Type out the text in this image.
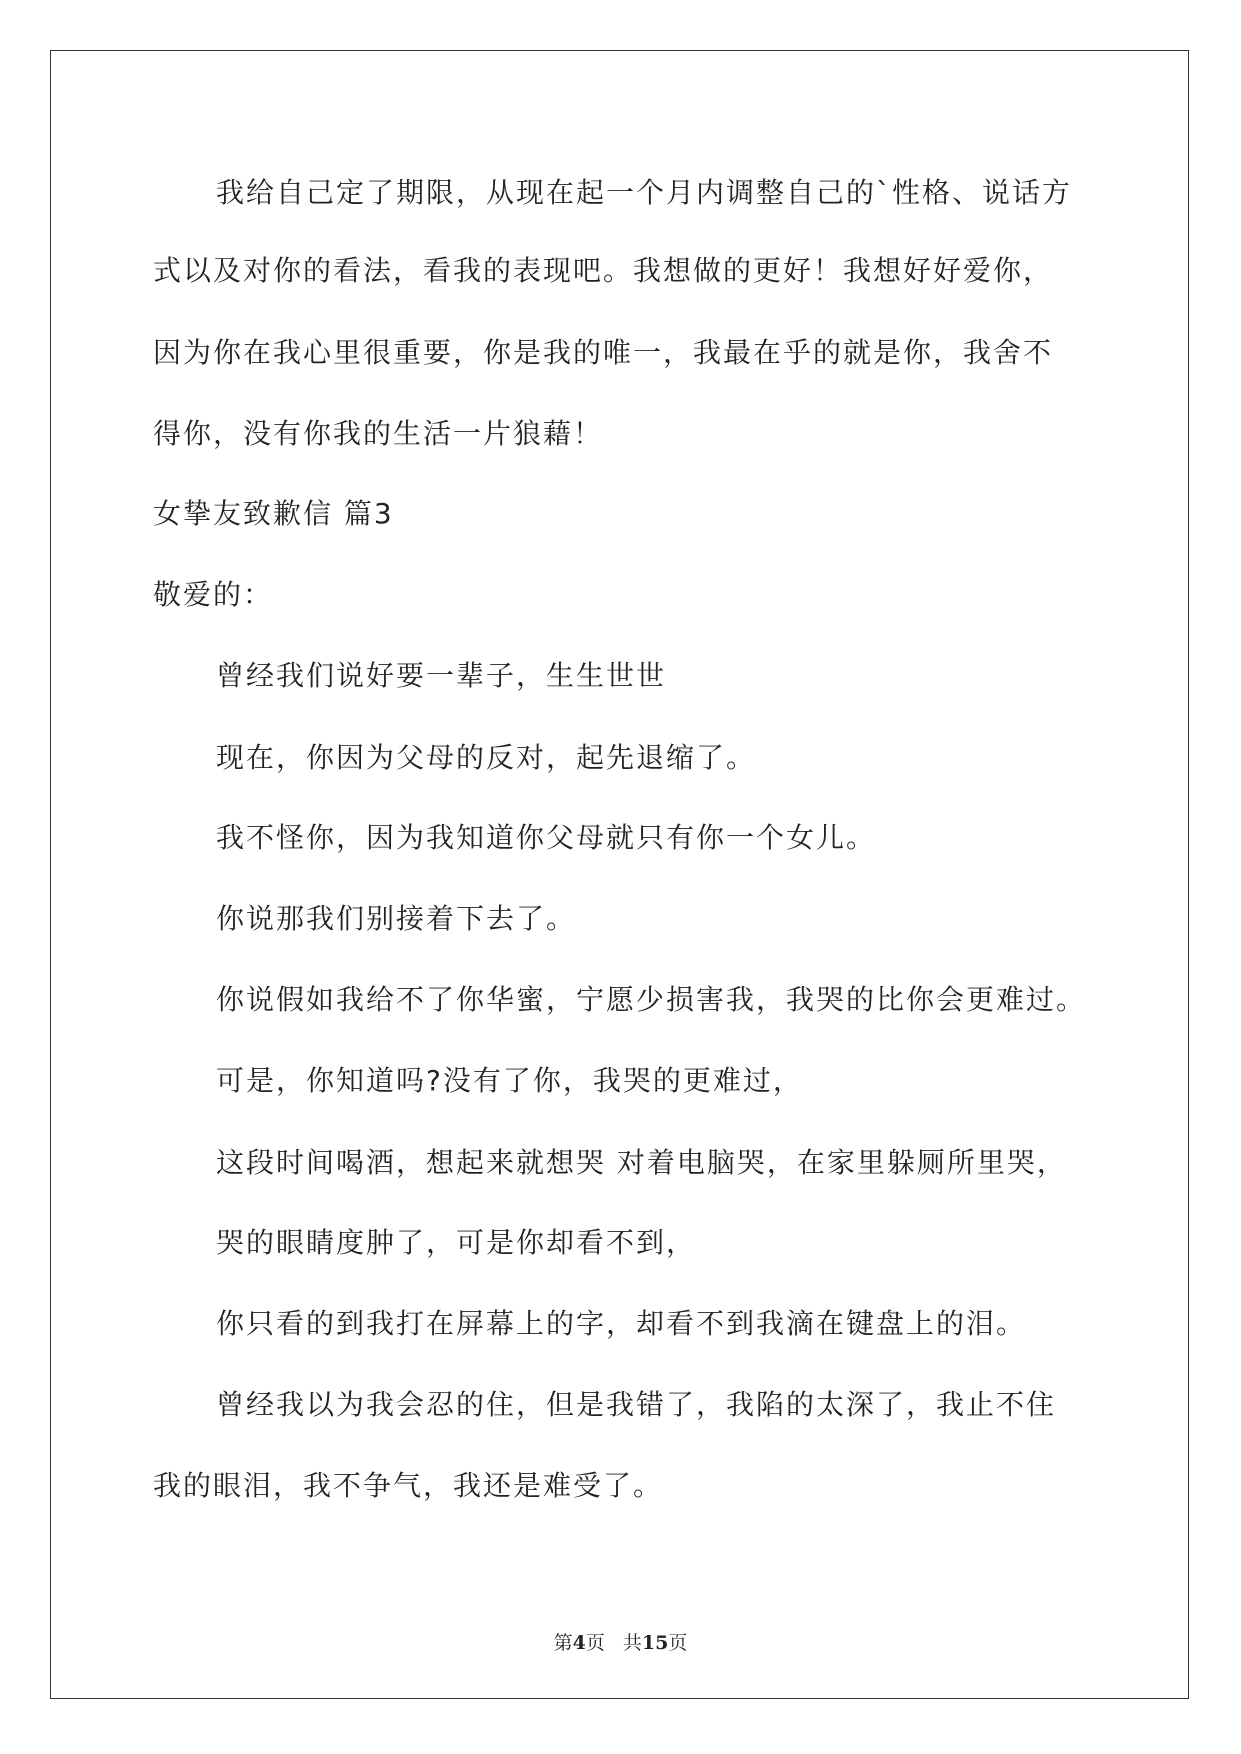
我给自己定了期限，从现在起一个月内调整自己的`性格、说话方

式以及对你的看法，看我的表现吧。我想做的更好！我想好好爱你，

因为你在我心里很重要，你是我的唯一，我最在乎的就是你，我舍不

得你，没有你我的生活一片狼藉！

女挚友致歉信 篇3

敬爱的：

曾经我们说好要一辈子，生生世世

现在，你因为父母的反对，起先退缩了。

我不怪你，因为我知道你父母就只有你一个女儿。

你说那我们别接着下去了。

你说假如我给不了你华蜜，宁愿少损害我，我哭的比你会更难过。

可是，你知道吗?没有了你，我哭的更难过，

这段时间喝酒，想起来就想哭 对着电脑哭，在家里躲厕所里哭，

哭的眼睛度肿了，可是你却看不到，

你只看的到我打在屏幕上的字，却看不到我滴在键盘上的泪。

曾经我以为我会忍的住，但是我错了，我陷的太深了，我止不住

我的眼泪，我不争气，我还是难受了。

第4页 共15页
